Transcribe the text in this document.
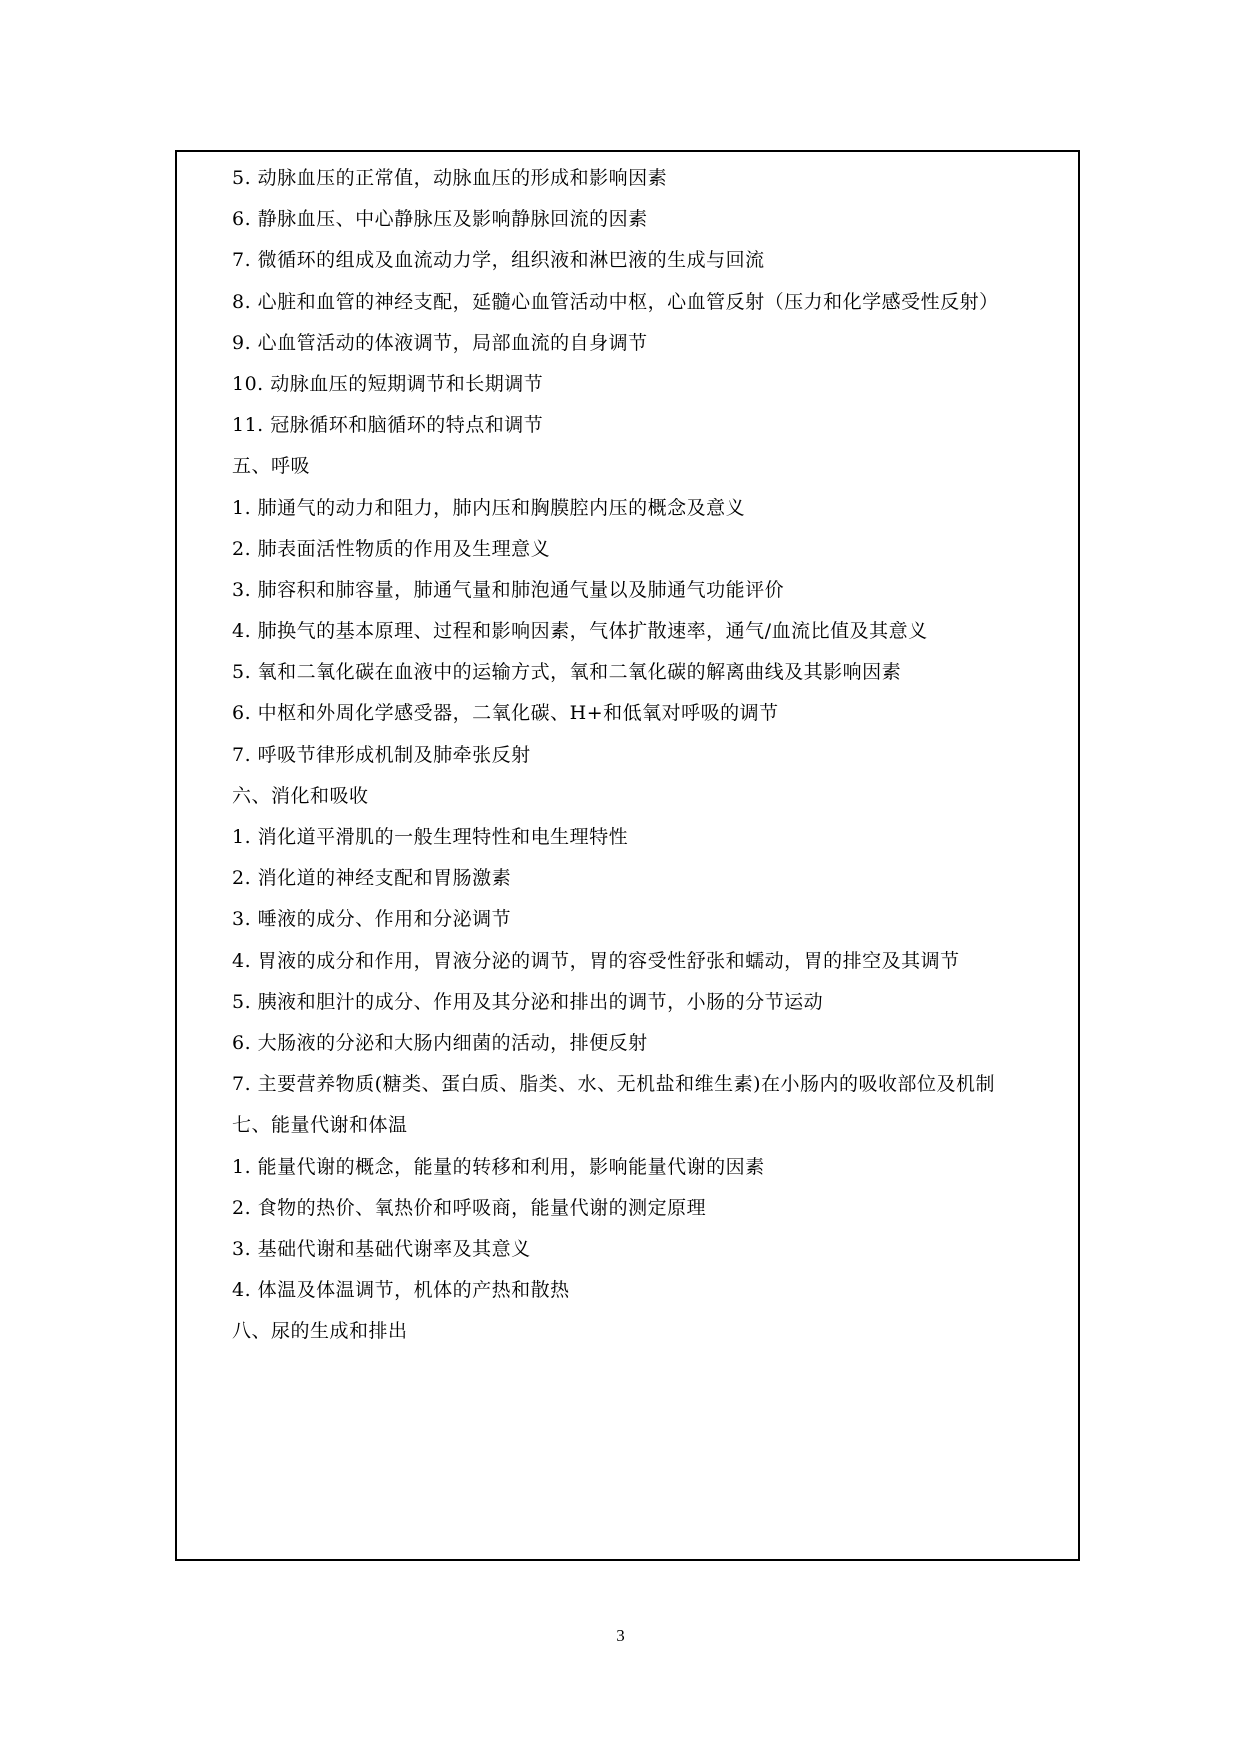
5. 动脉血压的正常值，动脉血压的形成和影响因素
6. 静脉血压、中心静脉压及影响静脉回流的因素
7. 微循环的组成及血流动力学，组织液和淋巴液的生成与回流
8. 心脏和血管的神经支配，延髓心血管活动中枢，心血管反射（压力和化学感受性反射）
9. 心血管活动的体液调节，局部血流的自身调节
10. 动脉血压的短期调节和长期调节
11. 冠脉循环和脑循环的特点和调节
五、呼吸
1. 肺通气的动力和阻力，肺内压和胸膜腔内压的概念及意义
2. 肺表面活性物质的作用及生理意义
3. 肺容积和肺容量，肺通气量和肺泡通气量以及肺通气功能评价
4. 肺换气的基本原理、过程和影响因素，气体扩散速率，通气/血流比值及其意义
5. 氧和二氧化碳在血液中的运输方式，氧和二氧化碳的解离曲线及其影响因素
6. 中枢和外周化学感受器，二氧化碳、H+和低氧对呼吸的调节
7. 呼吸节律形成机制及肺牵张反射
六、消化和吸收
1. 消化道平滑肌的一般生理特性和电生理特性
2. 消化道的神经支配和胃肠激素
3. 唾液的成分、作用和分泌调节
4. 胃液的成分和作用，胃液分泌的调节，胃的容受性舒张和蠕动，胃的排空及其调节
5. 胰液和胆汁的成分、作用及其分泌和排出的调节，小肠的分节运动
6. 大肠液的分泌和大肠内细菌的活动，排便反射
7. 主要营养物质(糖类、蛋白质、脂类、水、无机盐和维生素)在小肠内的吸收部位及机制
七、能量代谢和体温
1. 能量代谢的概念，能量的转移和利用，影响能量代谢的因素
2. 食物的热价、氧热价和呼吸商，能量代谢的测定原理
3. 基础代谢和基础代谢率及其意义
4. 体温及体温调节，机体的产热和散热
八、尿的生成和排出
3
